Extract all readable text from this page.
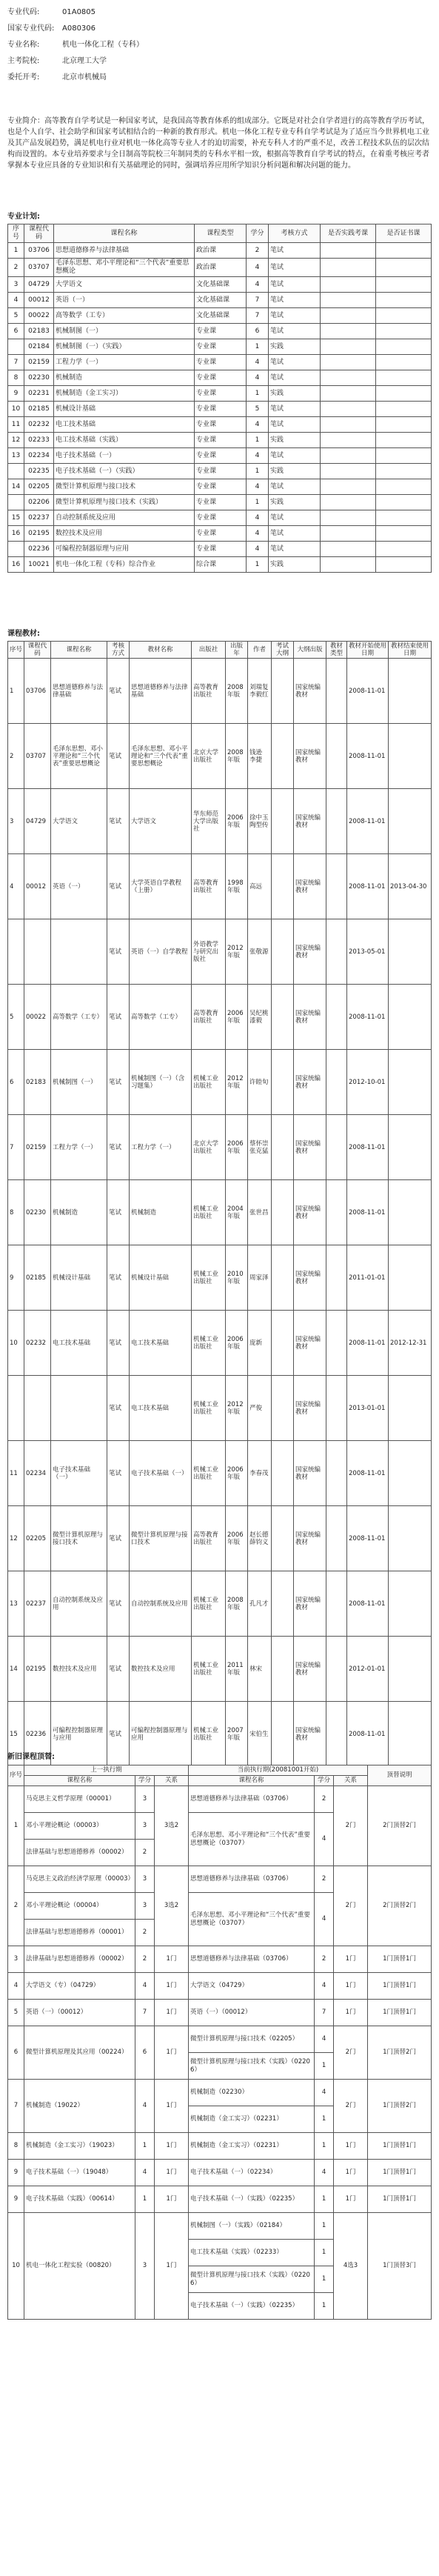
专业代码:	01A0805
国家专业代码: A080306
专业名称:	机电一体化工程（专科）
主考院校:	北京理工大学
委托开考:	北京市机械局
专业简介：高等教育自学考试是一种国家考试，是我国高等教育体系的组成部分。它既是对社会自学者进行的高等教育学历考试，也是个人自学、社会助学和国家考试相结合的一种新的教育形式。机电一体化工程专业专科自学考试是为了适应当今世界机电工业及其产品发展趋势，满足机电行业对机电一体化高等专业人才的迫切需要，补充专科人才的严重不足，改善工程技术队伍的层次结构而设置的。本专业培养要求与全日制高等院校三年制同类的专科水平相一致，根据高等教育自学考试的特点，在着重考核应考者掌握本专业应具备的专业知识和有关基础理论的同时，强调培养应用所学知识分析问题和解决问题的能力。
专业计划:
序号	课程代码	课程名称	课程类型	学分	考核方式	是否实践考课	是否证书课
1	03706	思想道德修养与法律基础	政治课	2	笔试		
2	03707	毛泽东思想、邓小平理论和“三个代表”重要思想概论	政治课	4	笔试		
3	04729	大学语文	文化基础课	4	笔试		
4	00012	英语（一）	文化基础课	7	笔试		
5	00022	高等数学（工专）	文化基础课	7	笔试		
6	02183	机械制图（一）	专业课	6	笔试		
	02184	机械制图（一）（实践）	专业课	1	实践		
7	02159	工程力学（一）	专业课	4	笔试		
8	02230	机械制造	专业课	4	笔试		
9	02231	机械制造（金工实习）	专业课	1	实践		
10	02185	机械设计基础	专业课	5	笔试		
11	02232	电工技术基础	专业课	4	笔试		
12	02233	电工技术基础（实践）	专业课	1	实践		
13	02234	电子技术基础（一）	专业课	4	笔试		
	02235	电子技术基础（一）（实践）	专业课	1	实践		
14	02205	微型计算机原理与接口技术	专业课	4	笔试		
	02206	微型计算机原理与接口技术（实践）	专业课	1	实践		
15	02237	自动控制系统及应用	专业课	4	笔试		
16	02195	数控技术及应用	专业课	4	笔试		
	02236	可编程控制器原理与应用	专业课	4	笔试		
16	10021	机电一体化工程（专科）综合作业	综合课	1	实践		
课程教材:
序号	课程代码	课程名称	考核方式	教材名称	出版社	出版年	作者	考试大纲	大纲出版	教材类型	教材开始使用日期	教材结束使用日期
1	03706	思想道德修养与法律基础	笔试	思想道德修养与法律基础	高等教育出版社	2008年版	刘瑞复 李毅红		国家统编教材		2008-11-01	
2	03707	毛泽东思想、邓小平理论和“三个代表”重要思想概论	笔试	毛泽东思想、邓小平理论和“三个代表”重要思想概论	北京大学出版社	2008年版	钱逊 李捷		国家统编教材		2008-11-01	
3	04729	大学语文	笔试	大学语文	华东师范大学出版社	2006年版	徐中玉 陶型传		国家统编教材		2008-11-01	
4	00012	英语（一）	笔试	大学英语自学教程（上册）	高等教育出版社	1998年版	高远		国家统编教材		2008-11-01	2013-04-30
			笔试	英语（一）自学教程	外语教学与研究出版社	2012年版	张敬源		国家统编教材		2013-05-01	
5	00022	高等数学（工专）	笔试	高等数学（工专）	高等教育出版社	2006年版	吴纪桃 漆毅		国家统编教材		2008-11-01	
6	02183	机械制图（一）	笔试	机械制图（一）（含习题集）	机械工业出版社	2012年版	许睦旬		国家统编教材		2012-10-01	
7	02159	工程力学（一）	笔试	工程力学（一）	北京大学出版社	2006年版	蔡怀崇 张克猛		国家统编教材		2008-11-01	
8	02230	机械制造	笔试	机械制造	机械工业出版社	2004年版	张世昌		国家统编教材		2008-11-01	
9	02185	机械设计基础	笔试	机械设计基础	机械工业出版社	2010年版	周家泽		国家统编教材		2011-01-01	
10	02232	电工技术基础	笔试	电工技术基础	机械工业出版社	2006年版	庞新		国家统编教材		2008-11-01	2012-12-31
			笔试	电工技术基础	机械工业出版社	2012年版	严俊		国家统编教材		2013-01-01	
11	02234	电子技术基础（一）	笔试	电子技术基础（一）	机械工业出版社	2006年版	李春茂		国家统编教材		2008-11-01	
12	02205	微型计算机原理与接口技术	笔试	微型计算机原理与接口技术	高等教育出版社	2006年版	赵长德 薛钧义		国家统编教材		2008-11-01	
13	02237	自动控制系统及应用	笔试	自动控制系统及应用	机械工业出版社	2008年版	孔凡才		国家统编教材		2008-11-01	
14	02195	数控技术及应用	笔试	数控技术及应用	机械工业出版社	2011年版	林宋		国家统编教材		2012-01-01	
15	02236	可编程控制器原理与应用	笔试	可编程控制器原理与应用	机械工业出版社	2007年版	宋伯生		国家统编教材		2008-11-01	
新旧课程顶替:
序号	上一执行期			当前执行期(20081001开始)			顶替说明
	课程名称	学分	关系	课程名称	学分	关系	
1	马克思主义哲学原理（00001）	3	3选2	思想道德修养与法律基础（03706）	2	2门	2门顶替2门
	邓小平理论概论（00003）	3		毛泽东思想、邓小平理论和“三个代表”重要思想概论（03707）	4		
	法律基础与思想道德修养（00002）	2					
2	马克思主义政治经济学原理（00003）	3	3选2	思想道德修养与法律基础（03706）	2	2门	2门顶替2门
	邓小平理论概论（00004）	3		毛泽东思想、邓小平理论和“三个代表”重要思想概论（03707）	4		
	法律基础与思想道德修养（00001）	2					
3	法律基础与思想道德修养（00002）	2	1门	思想道德修养与法律基础（03706）	2	1门	1门顶替1门
4	大学语文（专）（04729）	4	1门	大学语文（04729）	4	1门	1门顶替1门
5	英语（一）（00012）	7	1门	英语（一）（00012）	7	1门	1门顶替1门
6	微型计算机原理及其应用（00224）	6	1门	微型计算机原理与接口技术（02205）	4	2门	1门顶替2门
				微型计算机原理与接口技术（实践）（02206）	1		
7	机械制造（19022）	4	1门	机械制造（02230）	4	2门	1门顶替2门
				机械制造（金工实习）（02231）	1		
8	机械制造（金工实习）（19023）	1	1门	机械制造（金工实习）（02231）	1	1门	1门顶替1门
9	电子技术基础（一）（19048）	4	1门	电子技术基础（一）（02234）	4	1门	1门顶替1门
9	电子技术基础（实践）（00614）	1	1门	电子技术基础（一）（实践）（02235）	1	1门	1门顶替1门
10	机电一体化工程实验（00820）	3	1门	机械制图（一）（实践）（02184）	1	4选3	1门顶替3门
				电工技术基础（实践）（02233）	1		
				微型计算机原理与接口技术（实践）（02206）	1		
				电子技术基础（一）（实践）（02235）	1		
